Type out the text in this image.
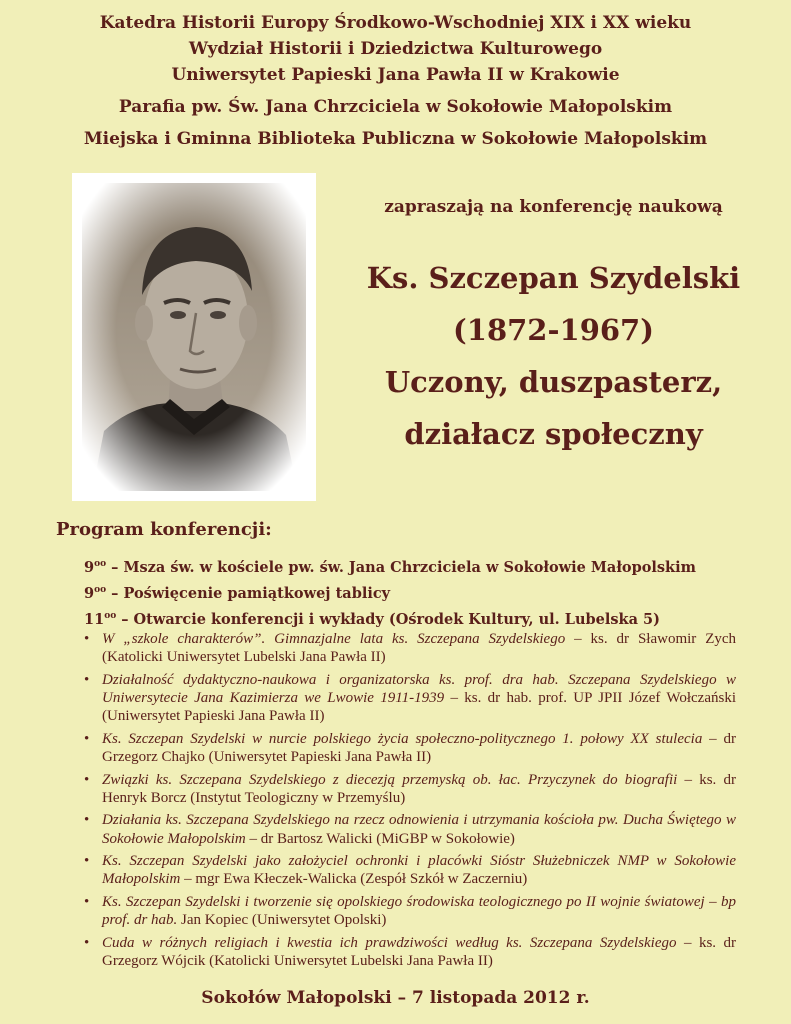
Katedra Historii Europy Środkowo-Wschodniej XIX i XX wieku
Wydział Historii i Dziedzictwa Kulturowego
Uniwersytet Papieski Jana Pawła II w Krakowie
Parafia pw. Św. Jana Chrzciciela w Sokołowie Małopolskim
Miejska i Gminna Biblioteka Publiczna w Sokołowie Małopolskim
zapraszają na konferencję naukową
Ks. Szczepan Szydelski
(1872-1967)
Uczony, duszpasterz,
działacz społeczny
Program konferencji:
$9^{oo}$ – Msza św. w kościele pw. św. Jana Chrzciciela w Sokołowie Małopolskim
$9^{oo}$ – Poświęcenie pamiątkowej tablicy
$11^{oo}$ – Otwarcie konferencji i wykłady (Ośrodek Kultury, ul. Lubelska 5)
• W „szkole charakterów”. Gimnazjalne lata ks. Szczepana Szydelskiego – ks. dr Sławomir Zych (Katolicki Uniwersytet Lubelski Jana Pawła II)
• Działalność dydaktyczno-naukowa i organizatorska ks. prof. dra hab. Szczepana Szydelskiego w Uniwersytecie Jana Kazimierza we Lwowie 1911-1939 – ks. dr hab. prof. UP JPII Józef Wołczański (Uniwersytet Papieski Jana Pawła II)
• Ks. Szczepan Szydelski w nurcie polskiego życia społeczno-politycznego 1. połowy XX stulecia – dr Grzegorz Chajko (Uniwersytet Papieski Jana Pawła II)
• Związki ks. Szczepana Szydelskiego z diecezją przemyską ob. łac. Przyczynek do biografii – ks. dr Henryk Borcz (Instytut Teologiczny w Przemyślu)
• Działania ks. Szczepana Szydelskiego na rzecz odnowienia i utrzymania kościoła pw. Ducha Świętego w Sokołowie Małopolskim – dr Bartosz Walicki (MiGBP w Sokołowie)
• Ks. Szczepan Szydelski jako założyciel ochronki i placówki Sióstr Służebniczek NMP w Sokołowie Małopolskim – mgr Ewa Kłeczek-Walicka (Zespół Szkół w Zaczerniu)
• Ks. Szczepan Szydelski i tworzenie się opolskiego środowiska teologicznego po II wojnie światowej – bp prof. dr hab. Jan Kopiec (Uniwersytet Opolski)
• Cuda w różnych religiach i kwestia ich prawdziwości według ks. Szczepana Szydelskiego – ks. dr Grzegorz Wójcik (Katolicki Uniwersytet Lubelski Jana Pawła II)
Sokołów Małopolski – 7 listopada 2012 r.
